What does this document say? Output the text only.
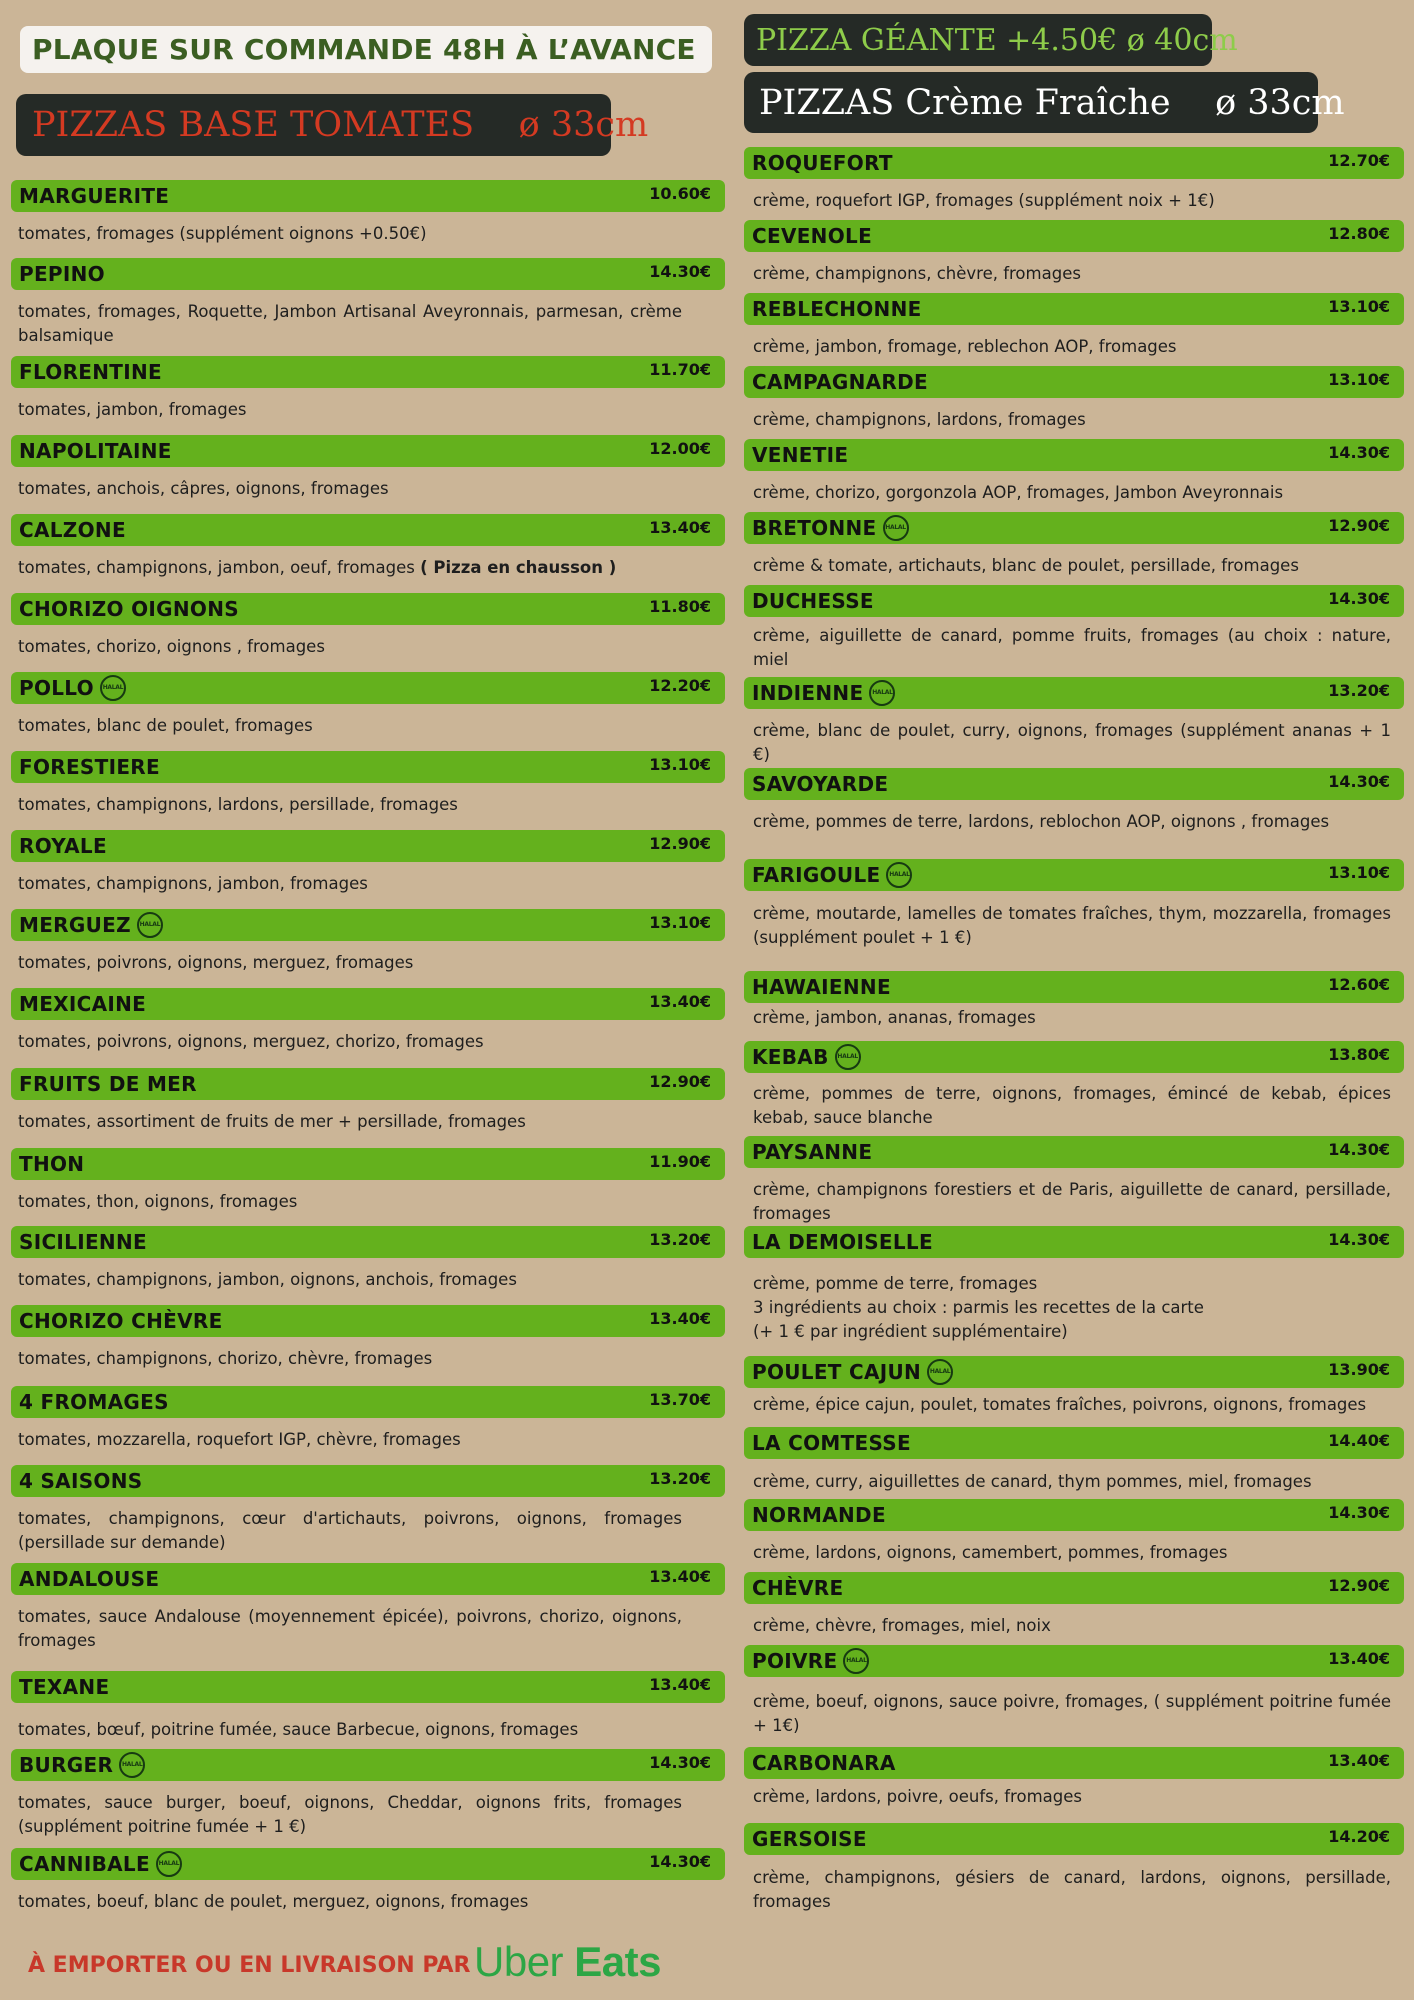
PLAQUE SUR COMMANDE 48H À L’AVANCE
PIZZAS BASE TOMATES    ø 33cm
PIZZA GÉANTE +4.50€ ø 40cm
PIZZAS Crème Fraîche    ø 33cm
MARGUERITE	10.60€
tomates, fromages (supplément oignons +0.50€)
PEPINO	14.30€
tomates, fromages, Roquette, Jambon Artisanal Aveyronnais, parmesan, crème balsamique
FLORENTINE	11.70€
tomates, jambon, fromages
NAPOLITAINE	12.00€
tomates, anchois, câpres, oignons, fromages
CALZONE	13.40€
tomates, champignons, jambon, oeuf, fromages ( Pizza en chausson )
CHORIZO OIGNONS	11.80€
tomates, chorizo, oignons , fromages
POLLO	HALAL	12.20€
tomates, blanc de poulet, fromages
FORESTIERE	13.10€
tomates, champignons, lardons, persillade, fromages
ROYALE	12.90€
tomates, champignons, jambon, fromages
MERGUEZ	HALAL	13.10€
tomates, poivrons, oignons, merguez, fromages
MEXICAINE	13.40€
tomates, poivrons, oignons, merguez, chorizo, fromages
FRUITS DE MER	12.90€
tomates, assortiment de fruits de mer + persillade, fromages
THON	11.90€
tomates, thon, oignons, fromages
SICILIENNE	13.20€
tomates, champignons, jambon, oignons, anchois, fromages
CHORIZO CHÈVRE	13.40€
tomates, champignons, chorizo, chèvre, fromages
4 FROMAGES	13.70€
tomates, mozzarella, roquefort IGP, chèvre, fromages
4 SAISONS	13.20€
tomates, champignons, cœur d'artichauts, poivrons, oignons, fromages (persillade sur demande)
ANDALOUSE	13.40€
tomates, sauce Andalouse (moyennement épicée), poivrons, chorizo, oignons, fromages
TEXANE	13.40€
tomates, bœuf, poitrine fumée, sauce Barbecue, oignons, fromages
BURGER	HALAL	14.30€
tomates, sauce burger, boeuf, oignons, Cheddar, oignons frits, fromages (supplément poitrine fumée + 1 €)
CANNIBALE	HALAL	14.30€
tomates, boeuf, blanc de poulet, merguez, oignons, fromages
ROQUEFORT	12.70€
crème, roquefort IGP, fromages (supplément noix + 1€)
CEVENOLE	12.80€
crème, champignons, chèvre, fromages
REBLECHONNE	13.10€
crème, jambon, fromage, reblechon AOP, fromages
CAMPAGNARDE	13.10€
crème, champignons, lardons, fromages
VENETIE	14.30€
crème, chorizo, gorgonzola AOP, fromages, Jambon Aveyronnais
BRETONNE	HALAL	12.90€
crème & tomate, artichauts, blanc de poulet, persillade, fromages
DUCHESSE	14.30€
crème, aiguillette de canard, pomme fruits, fromages (au choix : nature, miel
INDIENNE	HALAL	13.20€
crème, blanc de poulet, curry, oignons, fromages (supplément ananas + 1 €)
SAVOYARDE	14.30€
crème, pommes de terre, lardons, reblochon AOP, oignons , fromages
FARIGOULE	HALAL	13.10€
crème, moutarde, lamelles de tomates fraîches, thym, mozzarella, fromages (supplément poulet + 1 €)
HAWAIENNE	12.60€
crème, jambon, ananas, fromages
KEBAB	HALAL	13.80€
crème, pommes de terre, oignons, fromages, émincé de kebab, épices kebab, sauce blanche
PAYSANNE	14.30€
crème, champignons forestiers et de Paris, aiguillette de canard, persillade, fromages
LA DEMOISELLE	14.30€
crème, pomme de terre, fromages
3 ingrédients au choix : parmis les recettes de la carte
(+ 1 € par ingrédient supplémentaire)
POULET CAJUN	HALAL	13.90€
crème, épice cajun, poulet, tomates fraîches, poivrons, oignons, fromages
LA COMTESSE	14.40€
crème, curry, aiguillettes de canard, thym pommes, miel, fromages
NORMANDE	14.30€
crème, lardons, oignons, camembert, pommes, fromages
CHÈVRE	12.90€
crème, chèvre, fromages, miel, noix
POIVRE	HALAL	13.40€
crème, boeuf, oignons, sauce poivre, fromages, ( supplément poitrine fumée + 1€)
CARBONARA	13.40€
crème, lardons, poivre, oeufs, fromages
GERSOISE	14.20€
crème, champignons, gésiers de canard, lardons, oignons, persillade, fromages
À EMPORTER OU EN LIVRAISON PAR Uber Eats
